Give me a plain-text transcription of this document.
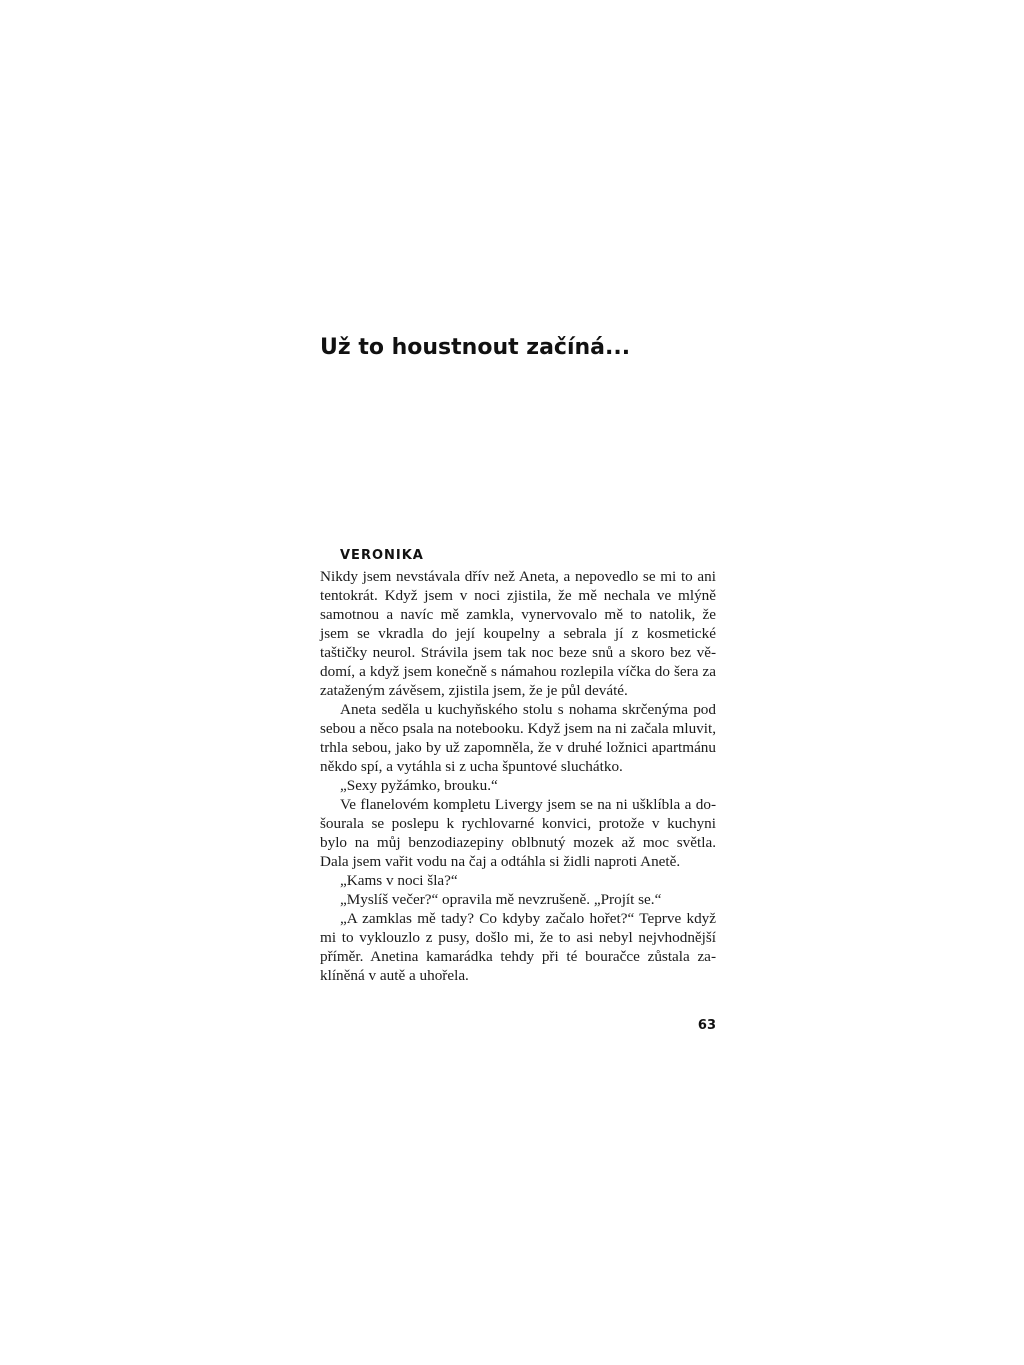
Už to houstnout začíná...
VERONIKA

Nikdy jsem nevstávala dřív než Aneta, a nepovedlo se mi to ani tentokrát. Když jsem v noci zjistila, že mě nechala ve mlýně samotnou a navíc mě zamkla, vynervovalo mě to natolik, že jsem se vkradla do její koupelny a sebrala jí z kosmetické taštičky neurol. Strávila jsem tak noc beze snů a skoro bez vědomí, a když jsem konečně s námahou rozlepila víčka do šera za zataženým závěsem, zjistila jsem, že je půl deváté.

Aneta seděla u kuchyňského stolu s nohama skrčenýma pod sebou a něco psala na notebooku. Když jsem na ni začala mluvit, trhla sebou, jako by už zapomněla, že v druhé ložnici apartmánu někdo spí, a vytáhla si z ucha špuntové sluchátko.

„Sexy pyžámko, brouku.“

Ve flanelovém kompletu Livergy jsem se na ni ušklíbla a došourala se poslepu k rychlovarné konvici, protože v kuchyni bylo na můj benzodiazepiny oblbnutý mozek až moc světla. Dala jsem vařit vodu na čaj a odtáhla si židli naproti Anetě.

„Kams v noci šla?“

„Myslíš večer?“ opravila mě nevzrušeně. „Projít se.“

„A zamklas mě tady? Co kdyby začalo hořet?“ Teprve když mi to vyklouzlo z pusy, došlo mi, že to asi nebyl nejvhodnější příměr. Anetina kamarádka tehdy při té bouračce zůstala zaklíněná v autě a uhořela.

63
